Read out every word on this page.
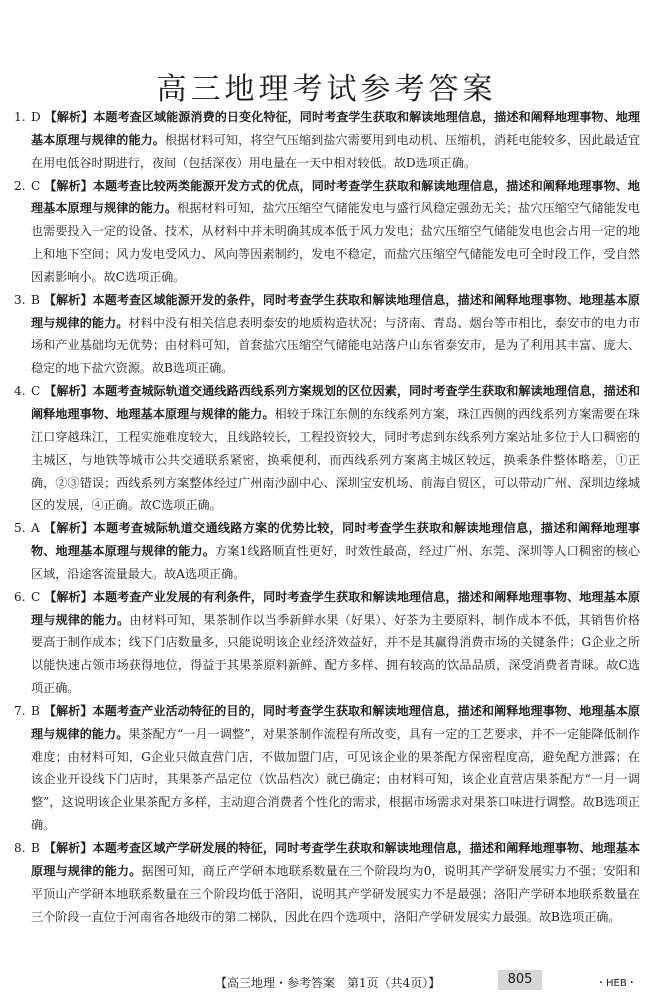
高三地理考试参考答案
1. D 【解析】本题考查区域能源消费的日变化特征，同时考查学生获取和解读地理信息，描述和阐释地理事物、地理基本原理与规律的能力。根据材料可知，将空气压缩到盐穴需要用到电动机、压缩机，消耗电能较多，因此最适宜在用电低谷时期进行，夜间（包括深夜）用电量在一天中相对较低。故D选项正确。
2. C 【解析】本题考查比较两类能源开发方式的优点，同时考查学生获取和解读地理信息，描述和阐释地理事物、地理基本原理与规律的能力。根据材料可知，盐穴压缩空气储能发电与盛行风稳定强劲无关；盐穴压缩空气储能发电也需要投入一定的设备、技术，从材料中并未明确其成本低于风力发电；盐穴压缩空气储能发电也会占用一定的地上和地下空间；风力发电受风力、风向等因素制约，发电不稳定，而盐穴压缩空气储能发电可全时段工作，受自然因素影响小。故C选项正确。
3. B 【解析】本题考查区域能源开发的条件，同时考查学生获取和解读地理信息，描述和阐释地理事物、地理基本原理与规律的能力。材料中没有相关信息表明泰安的地质构造状况；与济南、青岛、烟台等市相比，泰安市的电力市场和产业基础均无优势；由材料可知，首套盐穴压缩空气储能电站落户山东省泰安市，是为了利用其丰富、庞大、稳定的地下盐穴资源。故B选项正确。
4. C 【解析】本题考查城际轨道交通线路西线系列方案规划的区位因素，同时考查学生获取和解读地理信息，描述和阐释地理事物、地理基本原理与规律的能力。相较于珠江东侧的东线系列方案，珠江西侧的西线系列方案需要在珠江口穿越珠江，工程实施难度较大，且线路较长，工程投资较大，同时考虑到东线系列方案站址多位于人口稠密的主城区，与地铁等城市公共交通联系紧密，换乘便利，而西线系列方案离主城区较远，换乘条件整体略差，①正确，②③错误；西线系列方案整体经过广州南沙副中心、深圳宝安机场、前海自贸区，可以带动广州、深圳边缘城区的发展，④正确。故C选项正确。
5. A 【解析】本题考查城际轨道交通线路方案的优势比较，同时考查学生获取和解读地理信息，描述和阐释地理事物、地理基本原理与规律的能力。方案1线路顺直性更好，时效性最高，经过广州、东莞、深圳等人口稠密的核心区域，沿途客流量最大。故A选项正确。
6. C 【解析】本题考查产业发展的有利条件，同时考查学生获取和解读地理信息，描述和阐释地理事物、地理基本原理与规律的能力。由材料可知，果茶制作以当季新鲜水果（好果）、好茶为主要原料，制作成本不低，其销售价格要高于制作成本；线下门店数量多，只能说明该企业经济效益好，并不是其赢得消费市场的关键条件；G企业之所以能快速占领市场获得地位，得益于其果茶原料新鲜、配方多样、拥有较高的饮品品质，深受消费者青睐。故C选项正确。
7. B 【解析】本题考查产业活动特征的目的，同时考查学生获取和解读地理信息，描述和阐释地理事物、地理基本原理与规律的能力。果茶配方“一月一调整”，对果茶制作流程有所改变，具有一定的工艺要求，并不一定能降低制作难度；由材料可知，G企业只做直营门店，不做加盟门店，可见该企业的果茶配方保密程度高，避免配方泄露；在该企业开设线下门店时，其果茶产品定位（饮品档次）就已确定；由材料可知，该企业直营店果茶配方“一月一调整”，这说明该企业果茶配方多样，主动迎合消费者个性化的需求，根据市场需求对果茶口味进行调整。故B选项正确。
8. B 【解析】本题考查区域产学研发展的特征，同时考查学生获取和解读地理信息，描述和阐释地理事物、地理基本原理与规律的能力。据图可知，商丘产学研本地联系数量在三个阶段均为0，说明其产学研发展实力不强；安阳和平顶山产学研本地联系数量在三个阶段均低于洛阳，说明其产学研发展实力不是最强；洛阳产学研本地联系数量在三个阶段一直位于河南省各地级市的第二梯队，因此在四个选项中，洛阳产学研发展实力最强。故B选项正确。
【高三地理・参考答案　第1页（共4页）】	805	・HEB・
